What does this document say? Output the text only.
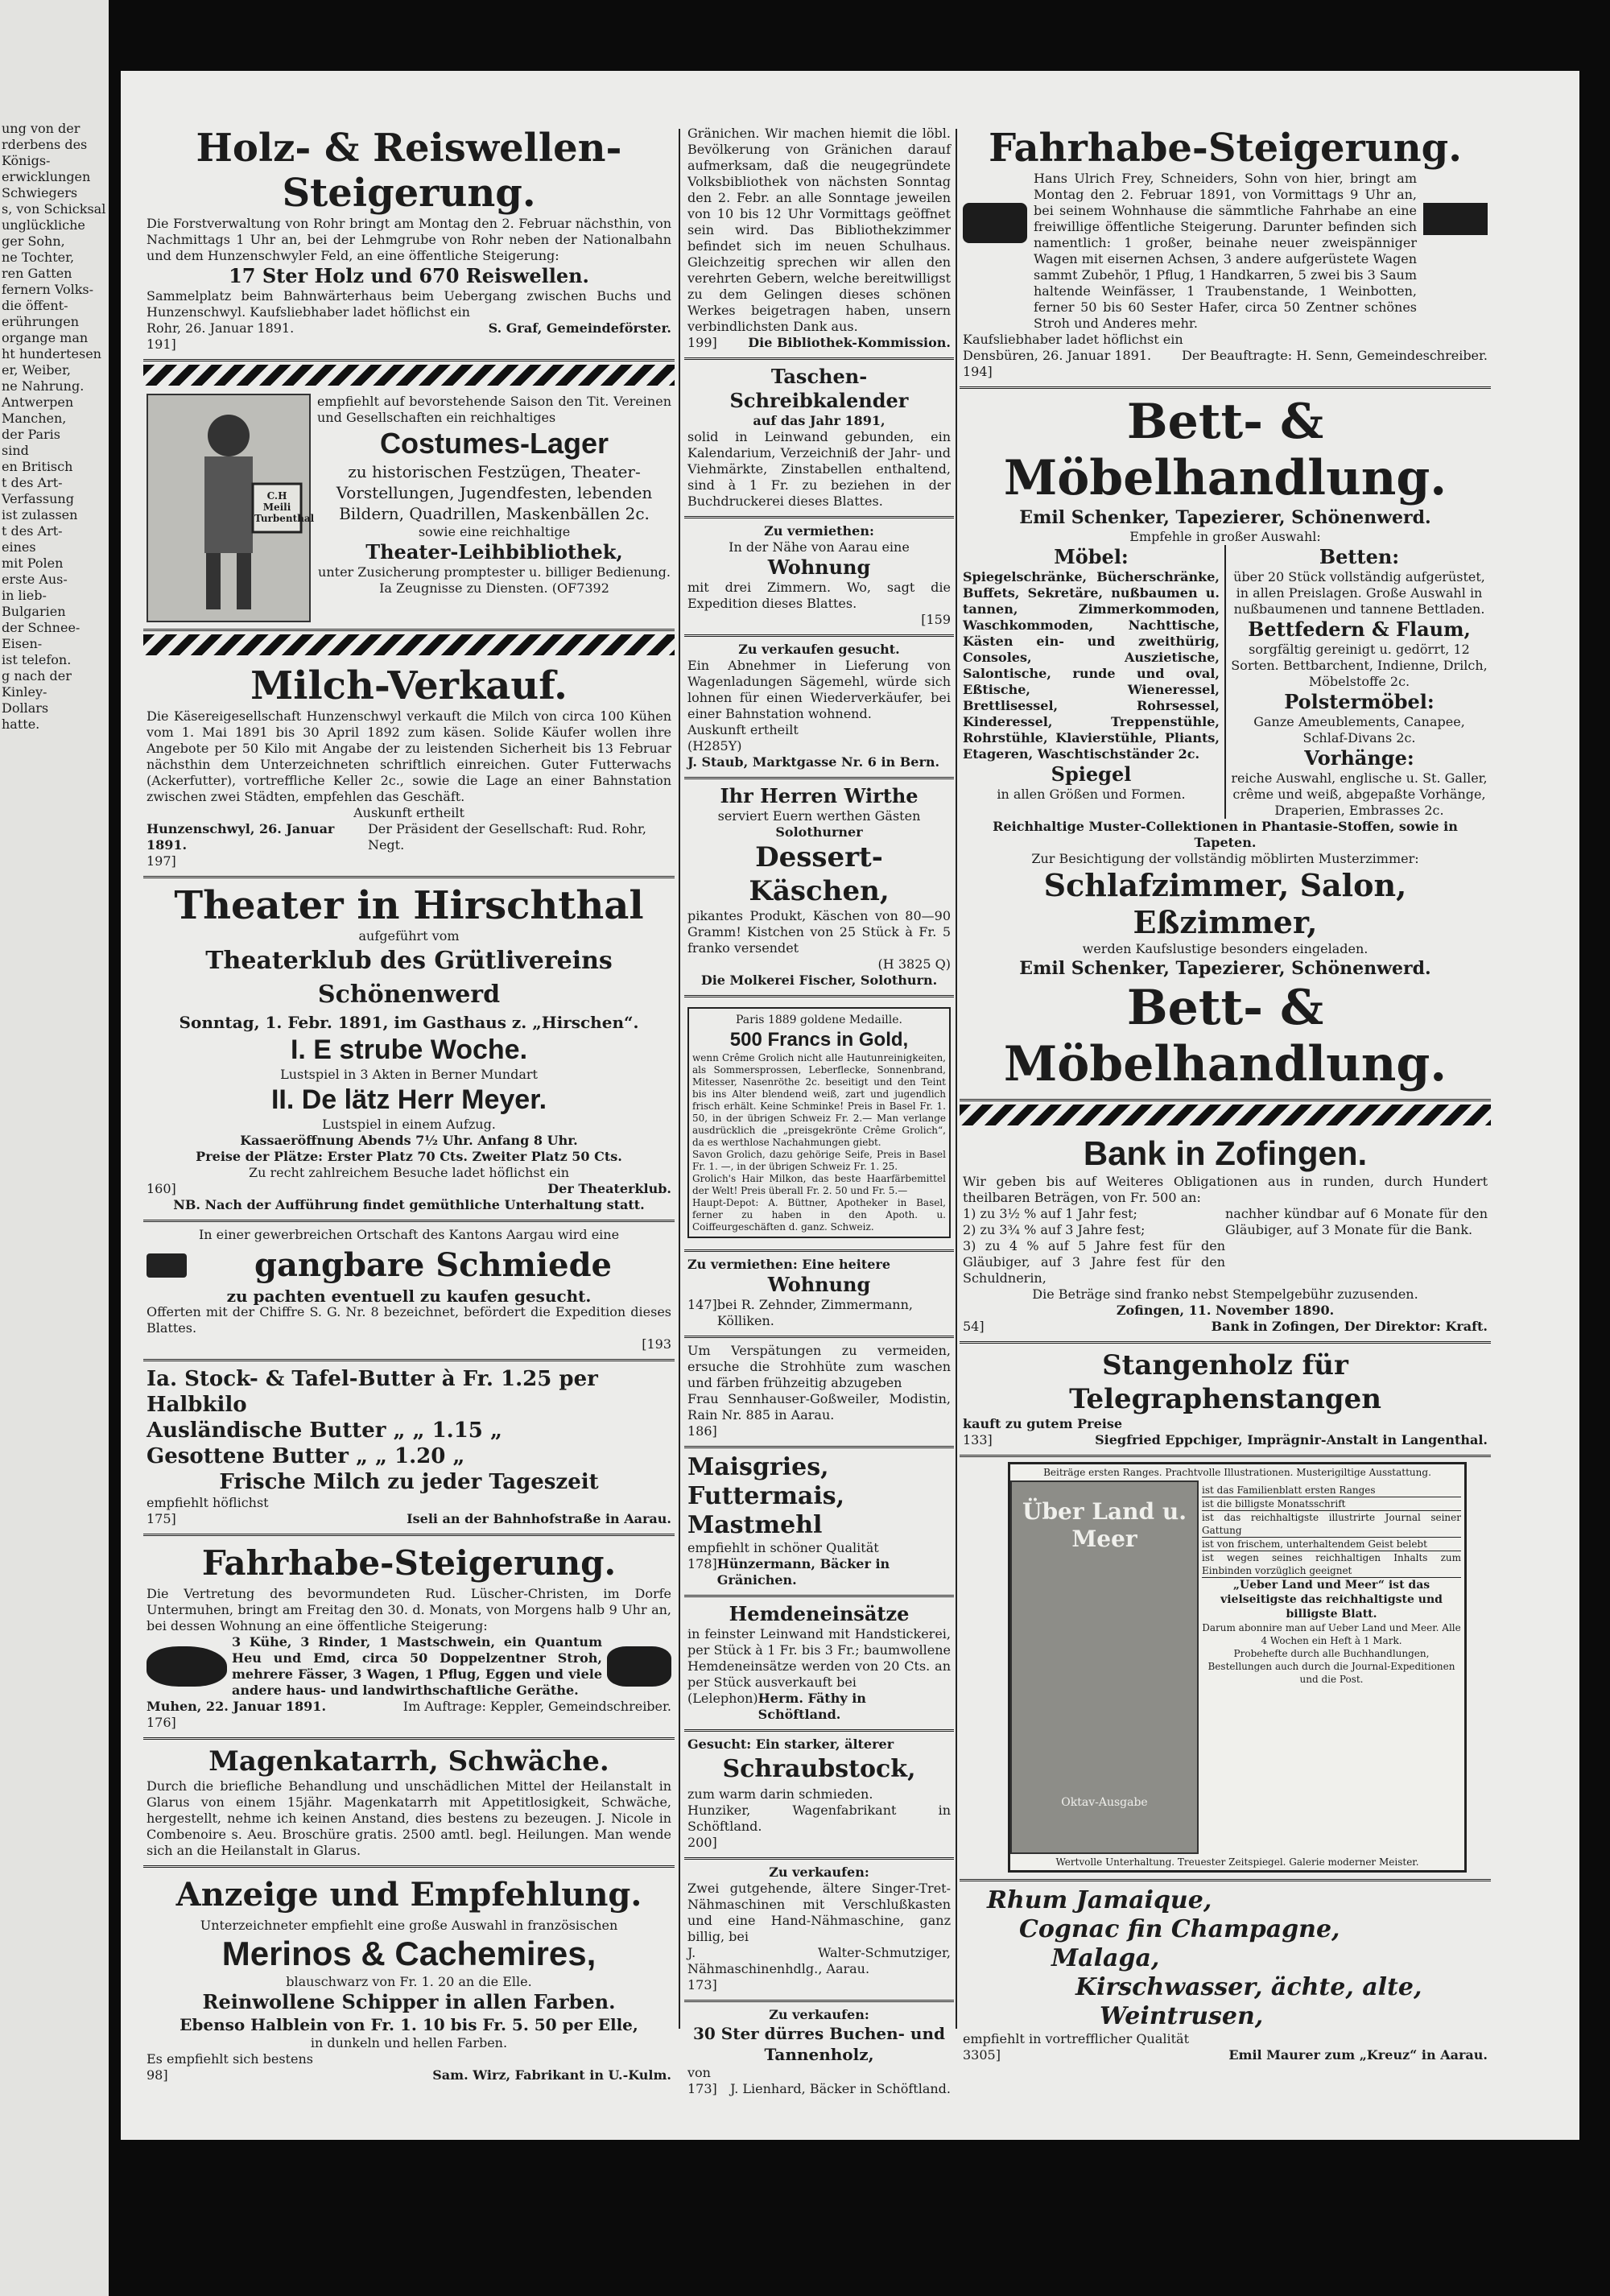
ung von der

rderbens des

Königs-

erwicklungen

Schwiegers

s, von Schicksal

unglückliche

ger Sohn,

ne Tochter,

ren Gatten

fernern Volks-

die öffent-

erührungen

organge man

ht hundertesen

er, Weiber,

ne Nahrung.

Antwerpen

Manchen,

der Paris

sind

en Britisch

t des Art-

Verfassung

ist zulassen

t des Art-

eines

mit Polen

erste Aus-

in lieb-

Bulgarien

der Schnee-

Eisen-

ist telefon.

g nach der

Kinley-

Dollars

hatte.

Holz- & Reiswellen-Steigerung.

Die Forstverwaltung von Rohr bringt am Montag den 2. Februar nächsthin, von Nachmittags 1 Uhr an, bei der Lehmgrube von Rohr neben der Nationalbahn und dem Hunzenschwyler Feld, an eine öffentliche Steigerung:

17 Ster Holz und 670 Reiswellen.

Sammelplatz beim Bahnwärterhaus beim Uebergang zwischen Buchs und Hunzenschwyl. Kaufsliebhaber ladet höflichst ein

Rohr, 26. Januar 1891.	S. Graf, Gemeindeförster.

191]

C.H Meili Turbenthal

empfiehlt auf bevorstehende Saison den Tit. Vereinen und Gesellschaften ein reichhaltiges

Costumes-Lager

zu historischen Festzügen, Theater-Vorstellungen, Jugendfesten, lebenden Bildern, Quadrillen, Maskenbällen 2c.

sowie eine reichhaltige

Theater-Leihbibliothek,

unter Zusicherung promptester u. billiger Bedienung.

Ia Zeugnisse zu Diensten. (OF7392

Milch-Verkauf.

Die Käsereigesellschaft Hunzenschwyl verkauft die Milch von circa 100 Kühen vom 1. Mai 1891 bis 30 April 1892 zum käsen. Solide Käufer wollen ihre Angebote per 50 Kilo mit Angabe der zu leistenden Sicherheit bis 13 Februar nächsthin dem Unterzeichneten schriftlich einreichen. Guter Futterwachs (Ackerfutter), vortreffliche Keller 2c., sowie die Lage an einer Bahnstation zwischen zwei Städten, empfehlen das Geschäft.

Auskunft ertheilt

Hunzenschwyl, 26. Januar 1891.
Der Präsident der Gesellschaft: Rud. Rohr, Negt.

197]

Theater in Hirschthal

aufgeführt vom

Theaterklub des Grütlivereins Schönenwerd

Sonntag, 1. Febr. 1891, im Gasthaus z. „Hirschen“.

I. E strube Woche.

Lustspiel in 3 Akten in Berner Mundart

II. De lätz Herr Meyer.

Lustspiel in einem Aufzug.

Kassaeröffnung Abends 7½ Uhr. Anfang 8 Uhr.

Preise der Plätze: Erster Platz 70 Cts. Zweiter Platz 50 Cts.

Zu recht zahlreichem Besuche ladet höflichst ein

160]	Der Theaterklub.

NB. Nach der Aufführung findet gemüthliche Unterhaltung statt.

In einer gewerbreichen Ortschaft des Kantons Aargau wird eine

gangbare Schmiede

zu pachten eventuell zu kaufen gesucht.

Offerten mit der Chiffre S. G. Nr. 8 bezeichnet, befördert die Expedition dieses Blattes.

[193

Ia. Stock- & Tafel-Butter à Fr. 1.25 per Halbkilo

Ausländische Butter „ „ 1.15 „

Gesottene Butter „ „ 1.20 „

Frische Milch zu jeder Tageszeit

empfiehlt höflichst

175]	Iseli an der Bahnhofstraße in Aarau.

Fahrhabe-Steigerung.

Die Vertretung des bevormundeten Rud. Lüscher-Christen, im Dorfe Untermuhen, bringt am Freitag den 30. d. Monats, von Morgens halb 9 Uhr an, bei dessen Wohnung an eine öffentliche Steigerung:

3 Kühe, 3 Rinder, 1 Mastschwein, ein Quantum Heu und Emd, circa 50 Doppelzentner Stroh, mehrere Fässer, 3 Wagen, 1 Pflug, Eggen und viele andere haus- und landwirthschaftliche Geräthe.

Muhen, 22. Januar 1891.	Im Auftrage: Keppler, Gemeindschreiber.

176]

Magenkatarrh, Schwäche.

Durch die briefliche Behandlung und unschädlichen Mittel der Heilanstalt in Glarus von einem 15jähr. Magenkatarrh mit Appetitlosigkeit, Schwäche, hergestellt, nehme ich keinen Anstand, dies bestens zu bezeugen. J. Nicole in Combenoire s. Aeu. Broschüre gratis. 2500 amtl. begl. Heilungen. Man wende sich an die Heilanstalt in Glarus.

Anzeige und Empfehlung.

Unterzeichneter empfiehlt eine große Auswahl in französischen

Merinos & Cachemires,

blauschwarz von Fr. 1. 20 an die Elle.

Reinwollene Schipper in allen Farben.

Ebenso Halblein von Fr. 1. 10 bis Fr. 5. 50 per Elle,

in dunkeln und hellen Farben.

Es empfiehlt sich bestens

98]	Sam. Wirz, Fabrikant in U.-Kulm.

Gränichen. Wir machen hiemit die löbl. Bevölkerung von Gränichen darauf aufmerksam, daß die neugegründete Volksbibliothek von nächsten Sonntag den 2. Febr. an alle Sonntage jeweilen von 10 bis 12 Uhr Vormittags geöffnet sein wird. Das Bibliothekzimmer befindet sich im neuen Schulhaus. Gleichzeitig sprechen wir allen den verehrten Gebern, welche bereitwilligst zu dem Gelingen dieses schönen Werkes beigetragen haben, unsern verbindlichsten Dank aus.

199] Die Bibliothek-Kommission.

Taschen-Schreibkalender

auf das Jahr 1891,

solid in Leinwand gebunden, ein Kalendarium, Verzeichniß der Jahr- und Viehmärkte, Zinstabellen enthaltend, sind à 1 Fr. zu beziehen in der Buchdruckerei dieses Blattes.

Zu vermiethen:

In der Nähe von Aarau eine

Wohnung

mit drei Zimmern. Wo, sagt die Expedition dieses Blattes.

[159

Zu verkaufen gesucht.

Ein Abnehmer in Lieferung von Wagenladungen Sägemehl, würde sich lohnen für einen Wiederverkäufer, bei einer Bahnstation wohnend.

Auskunft ertheilt

(H285Y)

J. Staub, Marktgasse Nr. 6 in Bern.

Ihr Herren Wirthe

serviert Euern werthen Gästen

Solothurner

Dessert-Käschen,

pikantes Produkt, Käschen von 80—90 Gramm! Kistchen von 25 Stück à Fr. 5 franko versendet

(H 3825 Q)

Die Molkerei Fischer, Solothurn.

Paris 1889 goldene Medaille.

500 Francs in Gold,

wenn Crême Grolich nicht alle Hautunreinigkeiten, als Sommersprossen, Leberflecke, Sonnenbrand, Mitesser, Nasenröthe 2c. beseitigt und den Teint bis ins Alter blendend weiß, zart und jugendlich frisch erhält. Keine Schminke! Preis in Basel Fr. 1. 50, in der übrigen Schweiz Fr. 2.— Man verlange ausdrücklich die „preisgekrönte Crême Grolich“, da es werthlose Nachahmungen giebt.

Savon Grolich, dazu gehörige Seife, Preis in Basel Fr. 1. —, in der übrigen Schweiz Fr. 1. 25.

Grolich's Hair Milkon, das beste Haarfärbemittel der Welt! Preis überall Fr. 2. 50 und Fr. 5.—

Haupt-Depot: A. Büttner, Apotheker in Basel, ferner zu haben in den Apoth. u. Coiffeurgeschäften d. ganz. Schweiz.

Zu vermiethen: Eine heitere

Wohnung

147] bei R. Zehnder, Zimmermann, Kölliken.

Um Verspätungen zu vermeiden, ersuche die Strohhüte zum waschen und färben frühzeitig abzugeben

Frau Sennhauser-Goßweiler, Modistin, Rain Nr. 885 in Aarau.

186]

Maisgries,

Futtermais,

Mastmehl

empfiehlt in schöner Qualität

178] Hünzermann, Bäcker in Gränichen.

Hemdeneinsätze

in feinster Leinwand mit Handstickerei, per Stück à 1 Fr. bis 3 Fr.; baumwollene Hemdeneinsätze werden von 20 Cts. an per Stück ausverkauft bei

(Lelephon) Herm. Fäthy in Schöftland.

Gesucht: Ein starker, älterer

Schraubstock,

zum warm darin schmieden.

Hunziker, Wagenfabrikant in Schöftland.

200]

Zu verkaufen:

Zwei gutgehende, ältere Singer-Tret-Nähmaschinen mit Verschlußkasten und eine Hand-Nähmaschine, ganz billig, bei

J. Walter-Schmutziger, Nähmaschinenhdlg., Aarau.

173]

Zu verkaufen:

30 Ster dürres Buchen- und Tannenholz,

von

173] J. Lienhard, Bäcker in Schöftland.

Fahrhabe-Steigerung.

Hans Ulrich Frey, Schneiders, Sohn von hier, bringt am Montag den 2. Februar 1891, von Vormittags 9 Uhr an, bei seinem Wohnhause die sämmtliche Fahrhabe an eine freiwillige öffentliche Steigerung. Darunter befinden sich namentlich: 1 großer, beinahe neuer zweispänniger Wagen mit eisernen Achsen, 3 andere aufgerüstete Wagen sammt Zubehör, 1 Pflug, 1 Handkarren, 5 zwei bis 3 Saum haltende Weinfässer, 1 Traubenstande, 1 Weinbotten, ferner 50 bis 60 Sester Hafer, circa 50 Zentner schönes Stroh und Anderes mehr.

Kaufsliebhaber ladet höflichst ein

Densbüren, 26. Januar 1891. Der Beauftragte: H. Senn, Gemeindeschreiber.

194]

Bett- & Möbelhandlung.

Emil Schenker, Tapezierer, Schönenwerd.

Empfehle in großer Auswahl:

Möbel:

Spiegelschränke, Bücherschränke, Buffets, Sekretäre, nußbaumen u. tannen, Zimmerkommoden, Waschkommoden, Nachttische, Kästen ein- und zweithürig, Consoles, Auszietische, Salontische, runde und oval, Eßtische, Wieneressel, Brettlisessel, Rohrsessel, Kinderessel, Treppenstühle, Rohrstühle, Klavierstühle, Pliants, Etageren, Waschtischständer 2c.

Spiegel

in allen Größen und Formen.

Betten:

über 20 Stück vollständig aufgerüstet, in allen Preislagen. Große Auswahl in nußbaumenen und tannene Bettladen.

Bettfedern & Flaum,

sorgfältig gereinigt u. gedörrt, 12 Sorten. Bettbarchent, Indienne, Drilch, Möbelstoffe 2c.

Polstermöbel:

Ganze Ameublements, Canapee, Schlaf-Divans 2c.

Vorhänge:

reiche Auswahl, englische u. St. Galler, crême und weiß, abgepaßte Vorhänge, Draperien, Embrasses 2c.

Reichhaltige Muster-Collektionen in Phantasie-Stoffen, sowie in Tapeten.

Zur Besichtigung der vollständig möblirten Musterzimmer:

Schlafzimmer, Salon, Eßzimmer,

werden Kaufslustige besonders eingeladen.

Emil Schenker, Tapezierer, Schönenwerd.

Bett- & Möbelhandlung.

Bank in Zofingen.

Wir geben bis auf Weiteres Obligationen aus in runden, durch Hundert theilbaren Beträgen, von Fr. 500 an:

1) zu 3½ % auf 1 Jahr fest;

2) zu 3¾ % auf 3 Jahre fest;

3) zu 4 % auf 5 Jahre fest für den Gläubiger, auf 3 Jahre fest für den Schuldnerin,

nachher kündbar auf 6 Monate für den Gläubiger, auf 3 Monate für die Bank.

Die Beträge sind franko nebst Stempelgebühr zuzusenden.

Zofingen, 11. November 1890.

54]	Bank in Zofingen, Der Direktor: Kraft.

Stangenholz für Telegraphenstangen

kauft zu gutem Preise

133]	Siegfried Eppchiger, Imprägnir-Anstalt in Langenthal.

Beiträge ersten Ranges. Prachtvolle Illustrationen. Musterigiltige Ausstattung.

Über Land u. Meer

Oktav-Ausgabe

ist das Familienblatt ersten Ranges

ist die billigste Monatsschrift

ist das reichhaltigste illustrirte Journal seiner Gattung

ist von frischem, unterhaltendem Geist belebt

ist wegen seines reichhaltigen Inhalts zum Einbinden vorzüglich geeignet

„Ueber Land und Meer“ ist das vielseitigste das reichhaltigste und billigste Blatt.

Darum abonnire man auf Ueber Land und Meer. Alle 4 Wochen ein Heft à 1 Mark.

Probehefte durch alle Buchhandlungen, Bestellungen auch durch die Journal-Expeditionen und die Post.

Wertvolle Unterhaltung. Treuester Zeitspiegel. Galerie moderner Meister.

Rhum Jamaique,

Cognac fin Champagne,

Malaga,

Kirschwasser, ächte, alte,

Weintrusen,

empfiehlt in vortrefflicher Qualität

3305]	Emil Maurer zum „Kreuz“ in Aarau.
